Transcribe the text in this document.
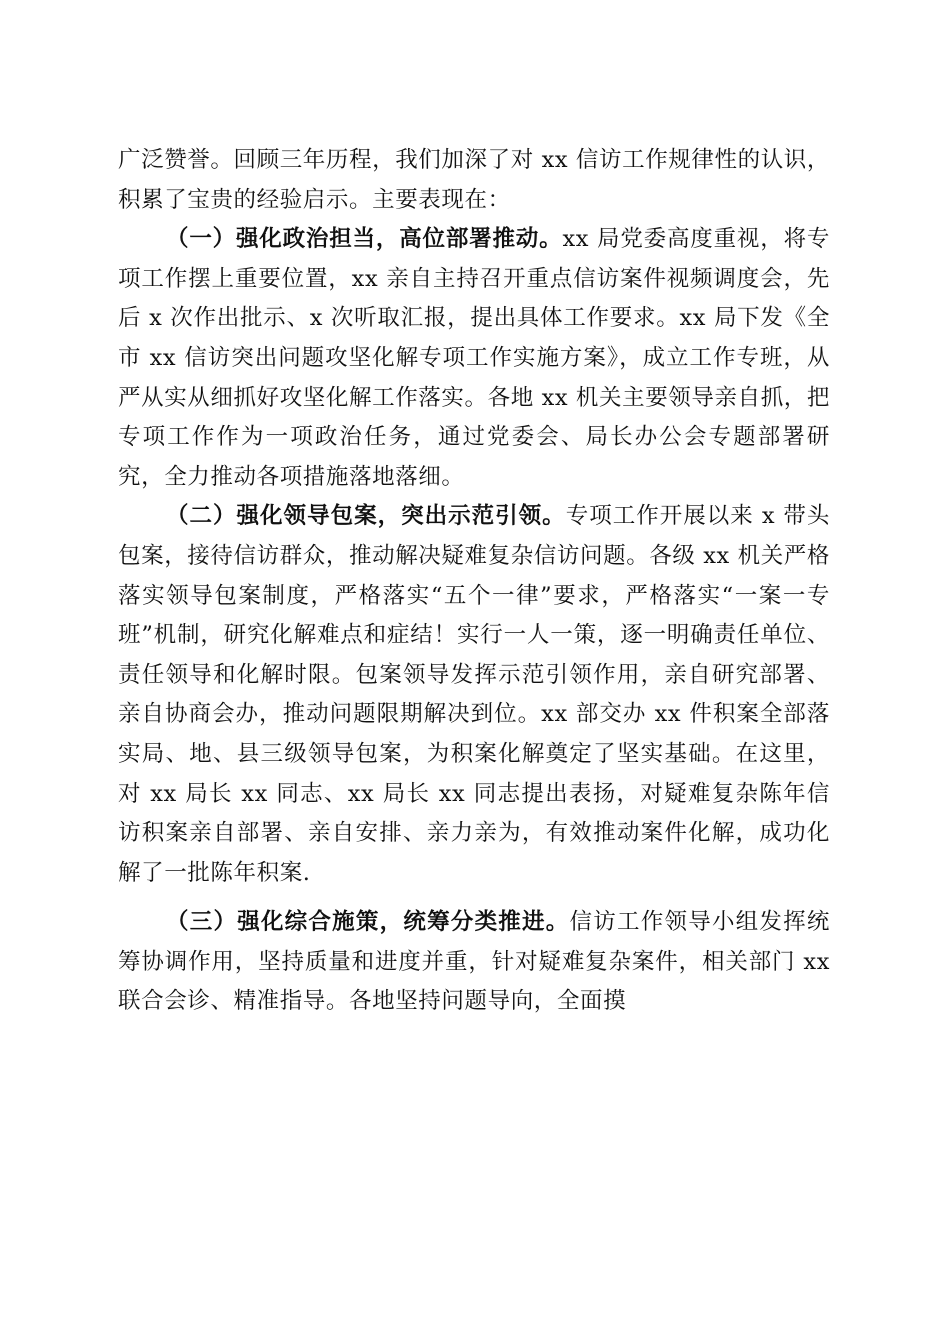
广泛赞誉。回顾三年历程，我们加深了对 xx 信访工作规律性的认识，积累了宝贵的经验启示。主要表现在：

（一）强化政治担当，高位部署推动。xx 局党委高度重视，将专项工作摆上重要位置，xx 亲自主持召开重点信访案件视频调度会，先后 x 次作出批示、x 次听取汇报，提出具体工作要求。xx 局下发《全市 xx 信访突出问题攻坚化解专项工作实施方案》，成立工作专班，从严从实从细抓好攻坚化解工作落实。各地 xx 机关主要领导亲自抓，把专项工作作为一项政治任务，通过党委会、局长办公会专题部署研究，全力推动各项措施落地落细。

（二）强化领导包案，突出示范引领。专项工作开展以来 x 带头包案，接待信访群众，推动解决疑难复杂信访问题。各级 xx 机关严格落实领导包案制度，严格落实“五个一律”要求，严格落实“一案一专班”机制，研究化解难点和症结！实行一人一策，逐一明确责任单位、责任领导和化解时限。包案领导发挥示范引领作用，亲自研究部署、亲自协商会办，推动问题限期解决到位。xx 部交办 xx 件积案全部落实局、地、县三级领导包案，为积案化解奠定了坚实基础。在这里，对 xx 局长 xx 同志、xx 局长 xx 同志提出表扬，对疑难复杂陈年信访积案亲自部署、亲自安排、亲力亲为，有效推动案件化解，成功化解了一批陈年积案.

（三）强化综合施策，统筹分类推进。信访工作领导小组发挥统筹协调作用，坚持质量和进度并重，针对疑难复杂案件，相关部门 xx 联合会诊、精准指导。各地坚持问题导向，全面摸
